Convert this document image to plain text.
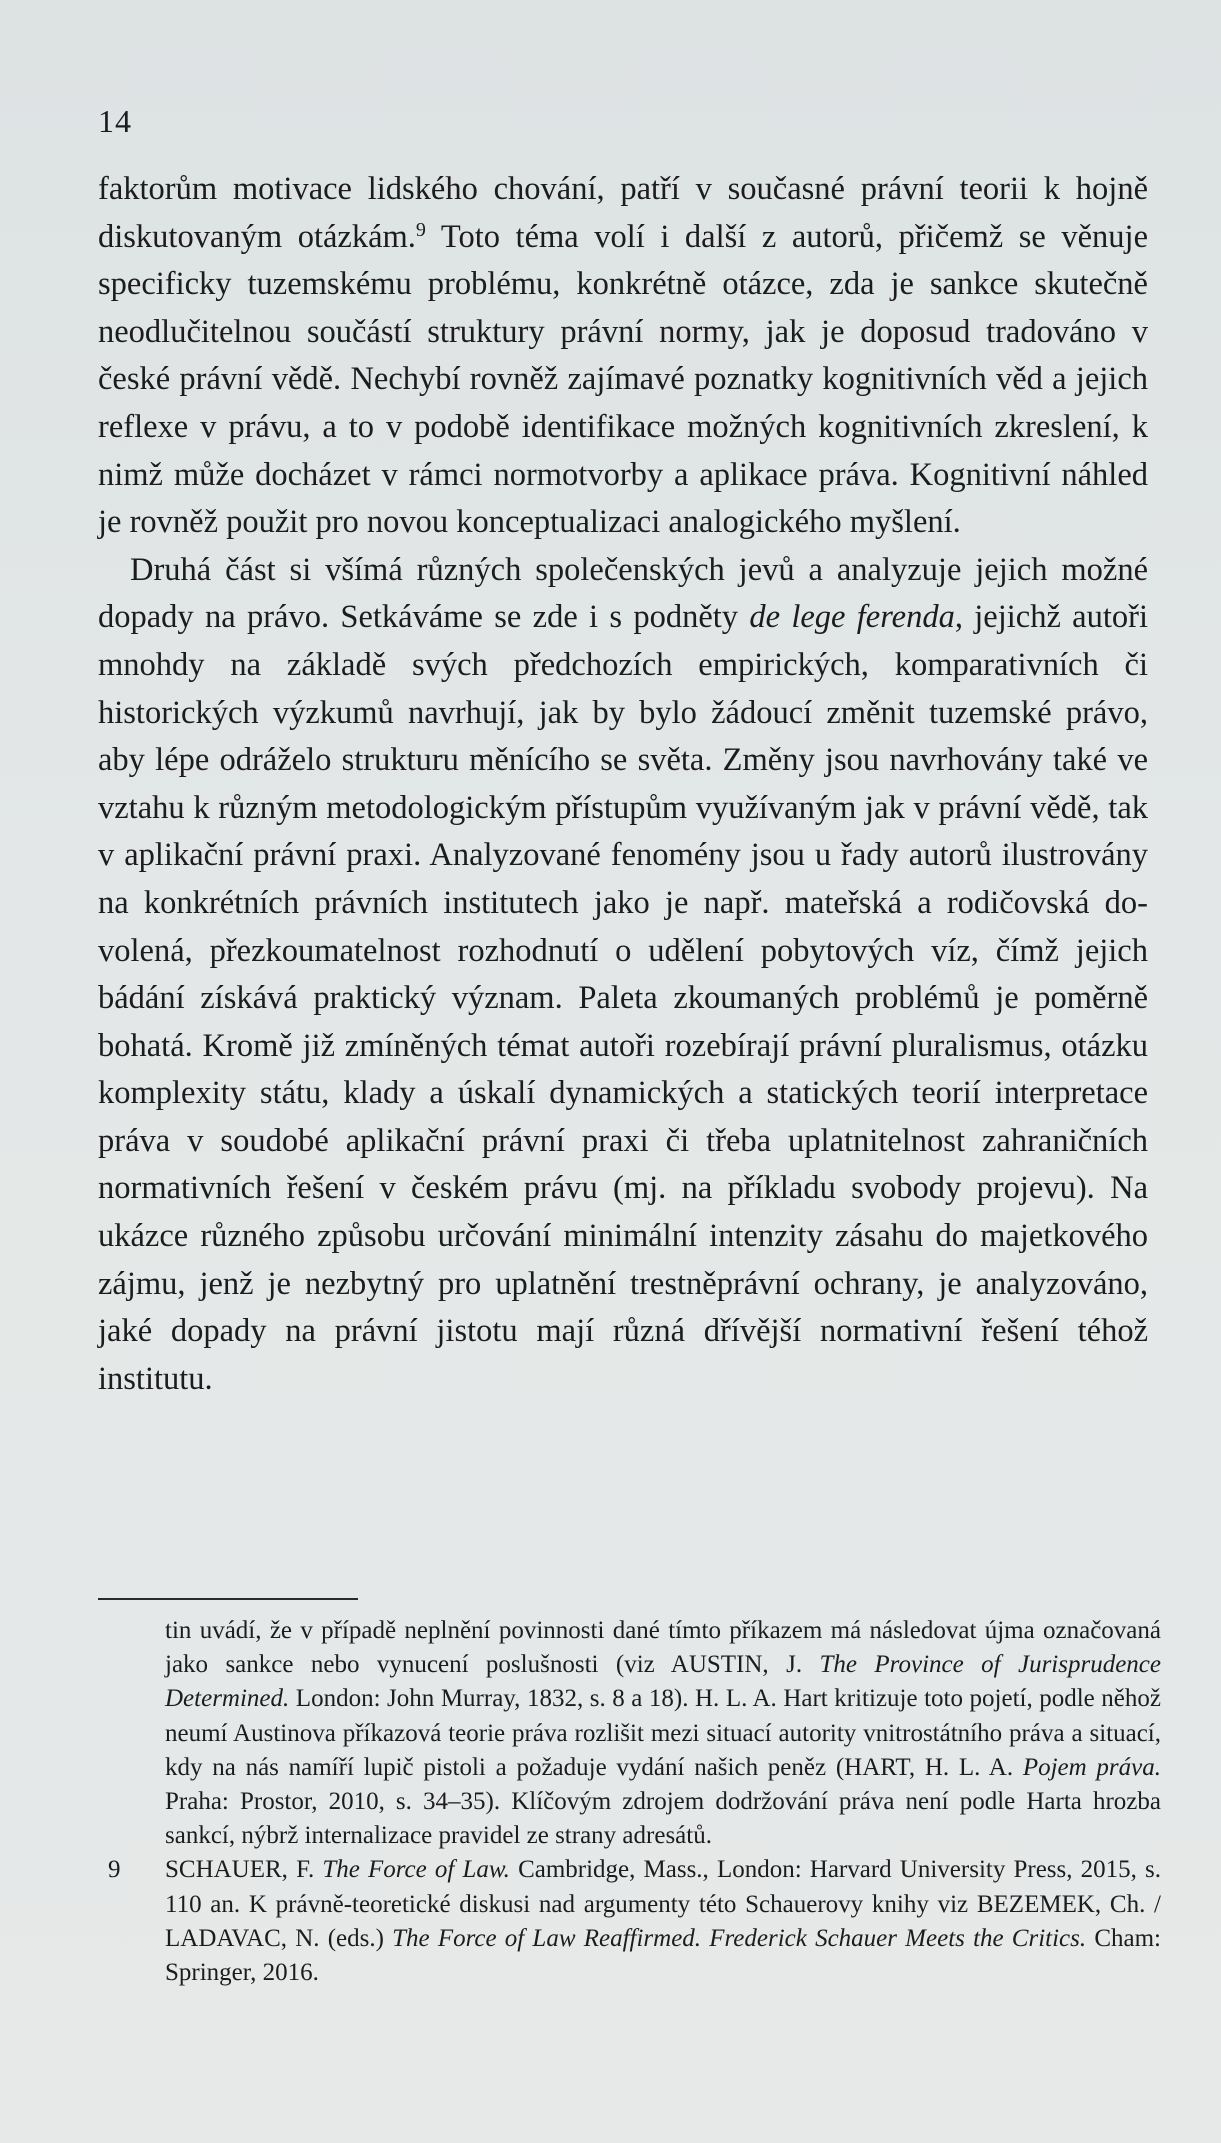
14

faktorům motivace lidského chování, patří v současné právní teorii k hojně diskutovaným otázkám.$^9$ Toto téma volí i další z autorů, přičemž se věnuje specificky tuzemskému problému, konkrétně otázce, zda je sankce skutečně neodlučitelnou součástí struktury právní normy, jak je doposud tradováno v české právní vědě. Nechybí rovněž zajímavé poznatky kognitivních věd a jejich reflexe v právu, a to v podobě identifikace možných kognitivních zkreslení, k nimž může docházet v rámci normotvorby a aplikace práva. Kognitivní náhled je rovněž použit pro novou konceptualizaci analogického myšlení.

Druhá část si všímá různých společenských jevů a analyzuje jejich možné dopady na právo. Setkáváme se zde i s podněty de lege ferenda, jejichž autoři mnohdy na základě svých předchozích empirických, komparativních či historických výzkumů navrhují, jak by bylo žádoucí změnit tuzemské právo, aby lépe odráželo strukturu měnícího se světa. Změny jsou navrhovány také ve vztahu k různým metodologickým přístupům využívaným jak v právní vědě, tak v aplikační právní praxi. Analyzované fenomény jsou u řady autorů ilustrovány na konkrétních právních institutech jako je např. mateřská a rodičovská dovolená, přezkoumatelnost rozhodnutí o udělení pobytových víz, čímž jejich bádání získává praktický význam. Paleta zkoumaných problémů je poměrně bohatá. Kromě již zmíněných témat autoři rozebírají právní pluralismus, otázku komplexity státu, klady a úskalí dynamických a statických teorií interpretace práva v soudobé aplikační právní praxi či třeba uplatnitelnost zahraničních normativních řešení v českém právu (mj. na příkladu svobody projevu). Na ukázce různého způsobu určování minimální intenzity zásahu do majetkového zájmu, jenž je nezbytný pro uplatnění trestněprávní ochrany, je analyzováno, jaké dopady na právní jistotu mají různá dřívější normativní řešení téhož institutu.

tin uvádí, že v případě neplnění povinnosti dané tímto příkazem má následovat újma označovaná jako sankce nebo vynucení poslušnosti (viz AUSTIN, J. The Province of Jurisprudence Determined. London: John Murray, 1832, s. 8 a 18). H. L. A. Hart kritizuje toto pojetí, podle něhož neumí Austinova příkazová teorie práva rozlišit mezi situací autority vnitrostátního práva a situací, kdy na nás namíří lupič pistoli a požaduje vydání našich peněz (HART, H. L. A. Pojem práva. Praha: Prostor, 2010, s. 34–35). Klíčovým zdrojem dodržování práva není podle Harta hrozba sankcí, nýbrž internalizace pravidel ze strany adresátů.

9 SCHAUER, F. The Force of Law. Cambridge, Mass., London: Harvard University Press, 2015, s. 110 an. K právně-teoretické diskusi nad argumenty této Schauerovy knihy viz BEZEMEK, Ch. / LADAVAC, N. (eds.) The Force of Law Reaffirmed. Frederick Schauer Meets the Critics. Cham: Springer, 2016.
